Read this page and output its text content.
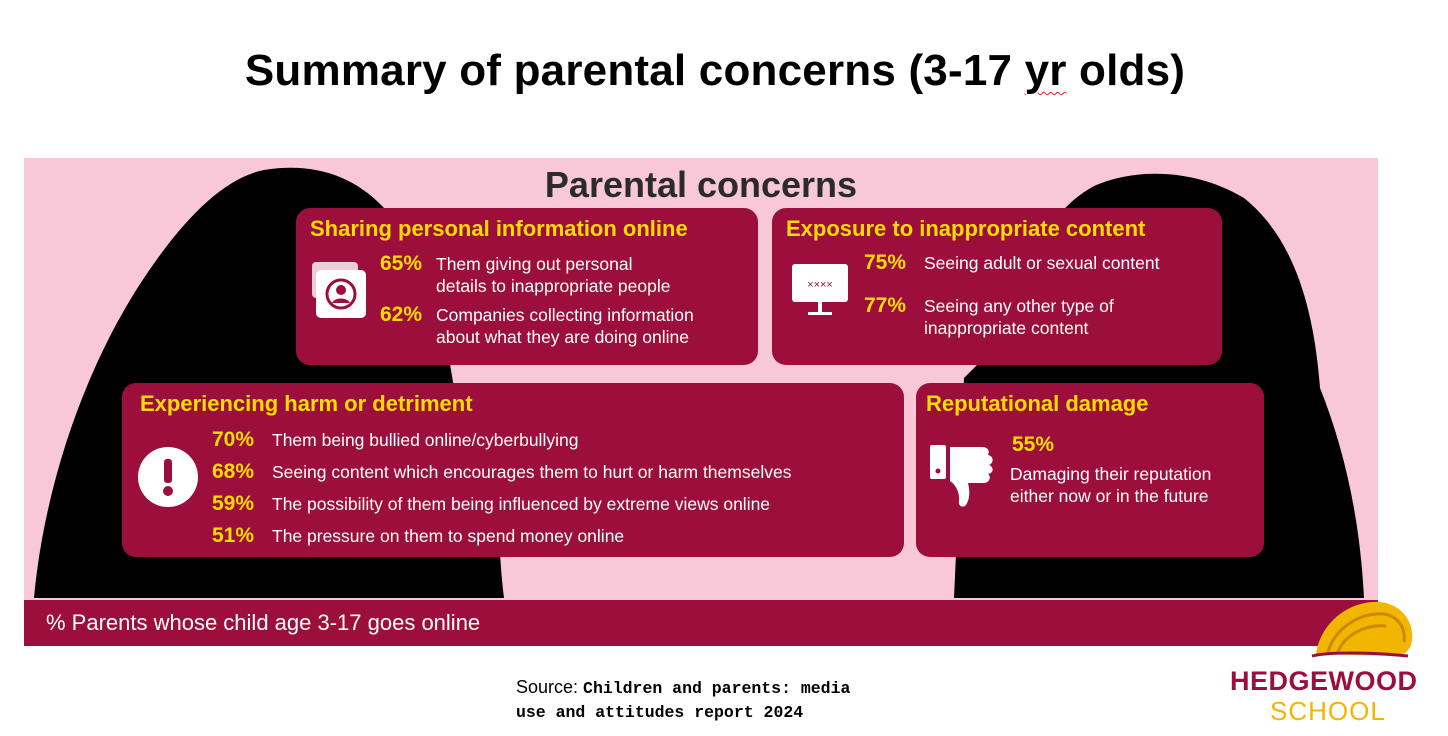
Summary of parental concerns (3-17 yr olds)
Parental concerns
Sharing personal information online
65% Them giving out personal
details to inappropriate people
62% Companies collecting information
about what they are doing online
Exposure to inappropriate content
××××
75% Seeing adult or sexual content
77% Seeing any other type of
inappropriate content
Experiencing harm or detriment
70% Them being bullied online/cyberbullying
68% Seeing content which encourages them to hurt or harm themselves
59% The possibility of them being influenced by extreme views online
51% The pressure on them to spend money online
Reputational damage
55%
Damaging their reputation
either now or in the future
% Parents whose child age 3-17 goes online
Source: Children and parents: media
use and attitudes report 2024
HEDGEWOOD
SCHOOL
